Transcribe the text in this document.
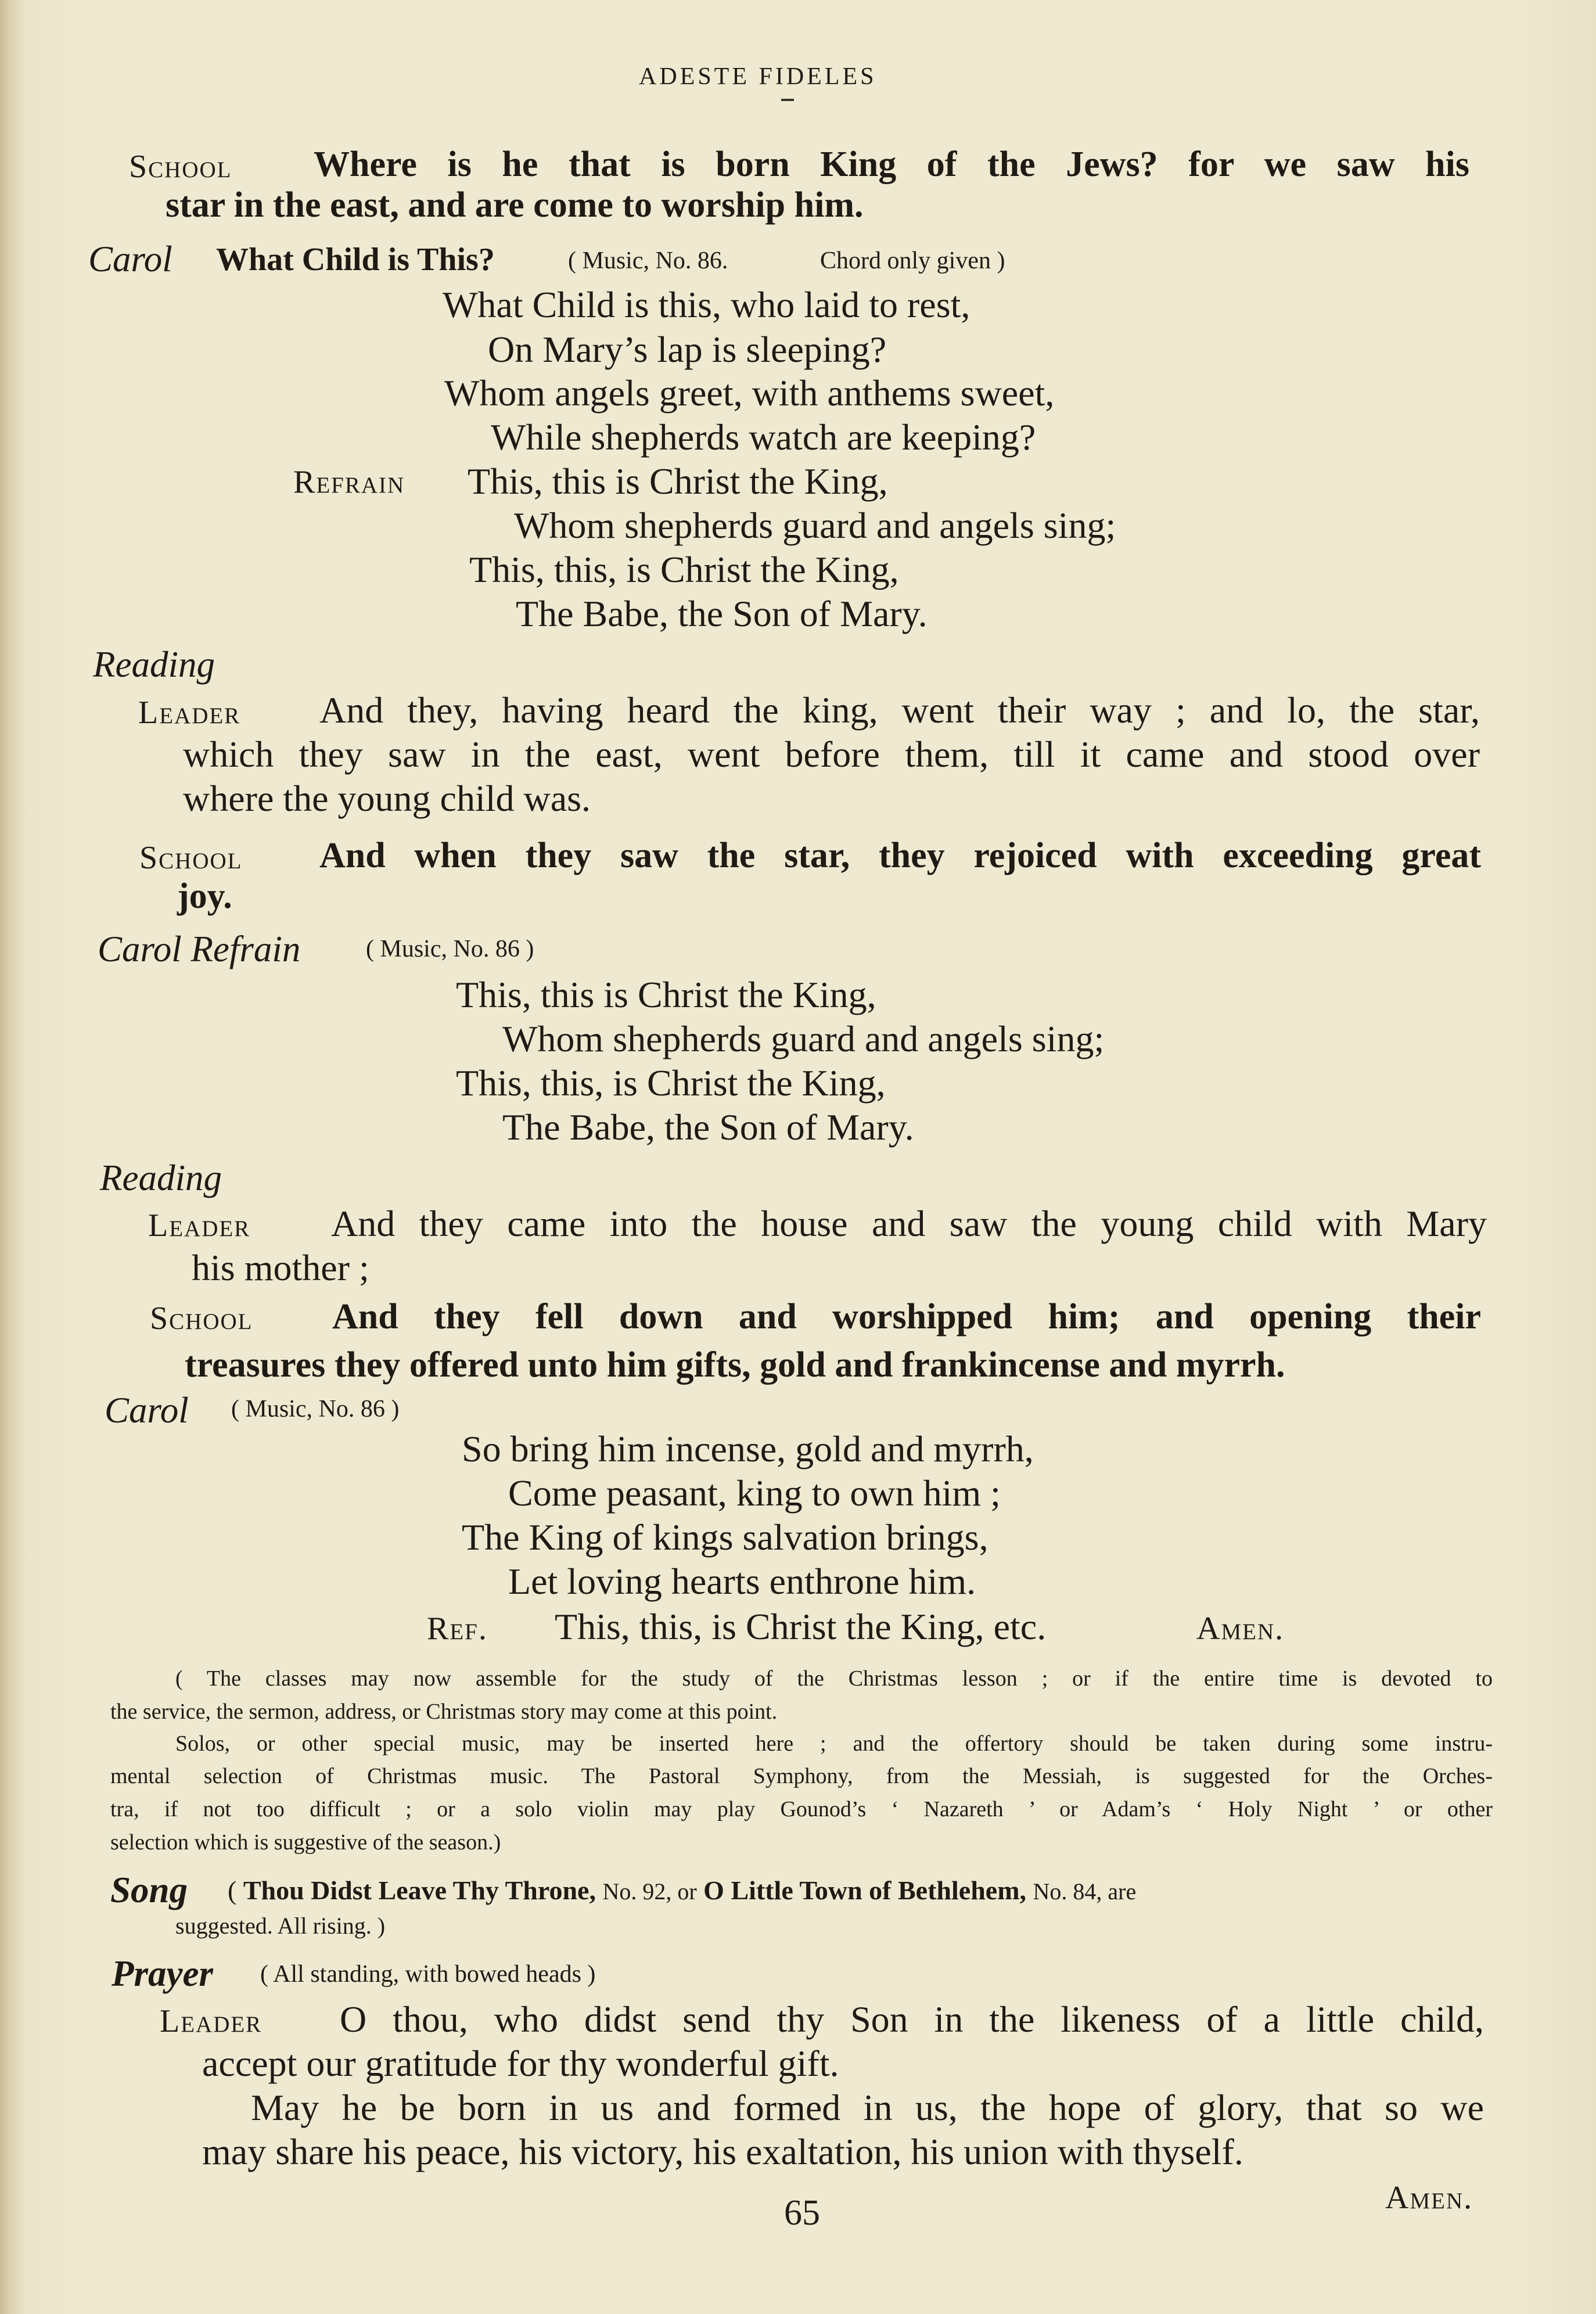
ADESTE FIDELES
School Where is he that is born King of the Jews? for we saw his
star in the east, and are come to worship him.
Carol What Child is This?	( Music, No. 86.	Chord only given )
What Child is this, who laid to rest,
On Mary’s lap is sleeping?
Whom angels greet, with anthems sweet,
While shepherds watch are keeping?
Refrain This, this is Christ the King,
Whom shepherds guard and angels sing;
This, this, is Christ the King,
The Babe, the Son of Mary.
Reading
Leader And they, having heard the king, went their way ; and lo, the star,
which they saw in the east, went before them, till it came and stood over
where the young child was.
School And when they saw the star, they rejoiced with exceeding great
joy.
Carol Refrain	( Music, No. 86 )
This, this is Christ the King,
Whom shepherds guard and angels sing;
This, this, is Christ the King,
The Babe, the Son of Mary.
Reading
Leader And they came into the house and saw the young child with Mary
his mother ;
School And they fell down and worshipped him; and opening their
treasures they offered unto him gifts, gold and frankincense and myrrh.
Carol ( Music, No. 86 )
So bring him incense, gold and myrrh,
Come peasant, king to own him ;
The King of kings salvation brings,
Let loving hearts enthrone him.
Ref. This, this, is Christ the King, etc.	Amen.
( The classes may now assemble for the study of the Christmas lesson ; or if the entire time is devoted to
the service, the sermon, address, or Christmas story may come at this point.
Solos, or other special music, may be inserted here ; and the offertory should be taken during some instru-
mental selection of Christmas music. The Pastoral Symphony, from the Messiah, is suggested for the Orches-
tra, if not too difficult ; or a solo violin may play Gounod’s ‘ Nazareth ’ or Adam’s ‘ Holy Night ’ or other
selection which is suggestive of the season.)
Song ( Thou Didst Leave Thy Throne, No. 92, or O Little Town of Bethlehem, No. 84, are
suggested. All rising. )
Prayer ( All standing, with bowed heads )
Leader O thou, who didst send thy Son in the likeness of a little child,
accept our gratitude for thy wonderful gift.
May he be born in us and formed in us, the hope of glory, that so we
may share his peace, his victory, his exaltation, his union with thyself.
Amen.
65
